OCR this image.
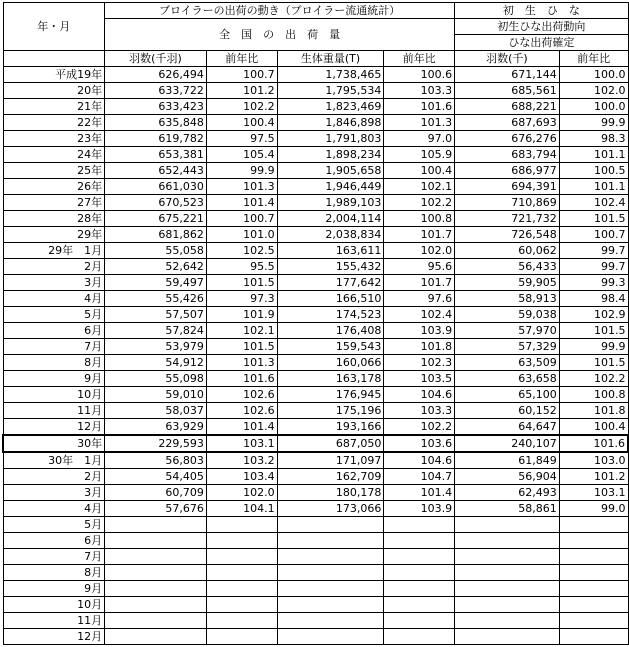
年・月	ブロイラーの出荷の動き（ブロイラー流通統計）				初　生　ひ　な	
	全　国　の　出　荷　量				初生ひな出荷動向	
					ひな出荷確定	
	羽数(千羽)	前年比	生体重量(T)	前年比	羽数(千)	前年比
平成19年	626,494	100.7	1,738,465	100.6	671,144	100.0
20年	633,722	101.2	1,795,534	103.3	685,561	102.0
21年	633,423	102.2	1,823,469	101.6	688,221	100.0
22年	635,848	100.4	1,846,898	101.3	687,693	99.9
23年	619,782	97.5	1,791,803	97.0	676,276	98.3
24年	653,381	105.4	1,898,234	105.9	683,794	101.1
25年	652,443	99.9	1,905,658	100.4	686,977	100.5
26年	661,030	101.3	1,946,449	102.1	694,391	101.1
27年	670,523	101.4	1,989,103	102.2	710,869	102.4
28年	675,221	100.7	2,004,114	100.8	721,732	101.5
29年	681,862	101.0	2,038,834	101.7	726,548	100.7
29年　1月	55,058	102.5	163,611	102.0	60,062	99.7
2月	52,642	95.5	155,432	95.6	56,433	99.7
3月	59,497	101.5	177,642	101.7	59,905	99.3
4月	55,426	97.3	166,510	97.6	58,913	98.4
5月	57,507	101.9	174,523	102.4	59,038	102.9
6月	57,824	102.1	176,408	103.9	57,970	101.5
7月	53,979	101.5	159,543	101.8	57,329	99.9
8月	54,912	101.3	160,066	102.3	63,509	101.5
9月	55,098	101.6	163,178	103.5	63,658	102.2
10月	59,010	102.6	176,945	104.6	65,100	100.8
11月	58,037	102.6	175,196	103.3	60,152	101.8
12月	63,929	101.4	193,166	102.2	64,647	100.4
30年	229,593	103.1	687,050	103.6	240,107	101.6
30年　1月	56,803	103.2	171,097	104.6	61,849	103.0
2月	54,405	103.4	162,709	104.7	56,904	101.2
3月	60,709	102.0	180,178	101.4	62,493	103.1
4月	57,676	104.1	173,066	103.9	58,861	99.0
5月						
6月						
7月						
8月						
9月						
10月						
11月						
12月						
